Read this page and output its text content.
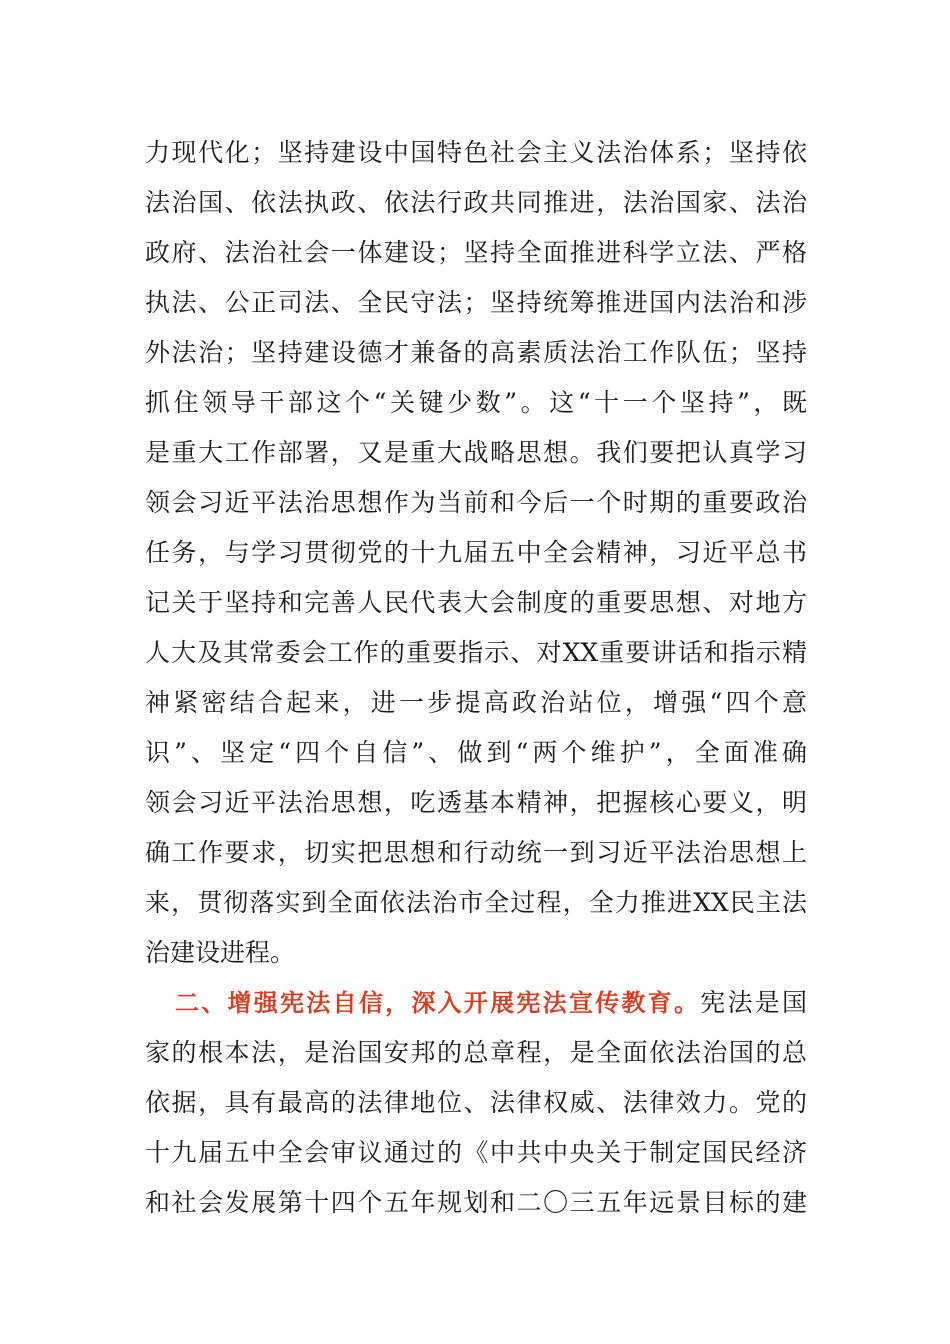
力现代化；坚持建设中国特色社会主义法治体系；坚持依
法治国、依法执政、依法行政共同推进，法治国家、法治
政府、法治社会一体建设；坚持全面推进科学立法、严格
执法、公正司法、全民守法；坚持统筹推进国内法治和涉
外法治；坚持建设德才兼备的高素质法治工作队伍；坚持
抓住领导干部这个“关键少数”。这“十一个坚持”，既
是重大工作部署，又是重大战略思想。我们要把认真学习
领会习近平法治思想作为当前和今后一个时期的重要政治
任务，与学习贯彻党的十九届五中全会精神，习近平总书
记关于坚持和完善人民代表大会制度的重要思想、对地方
人大及其常委会工作的重要指示、对XX重要讲话和指示精
神紧密结合起来，进一步提高政治站位，增强“四个意
识”、坚定“四个自信”、做到“两个维护”，全面准确
领会习近平法治思想，吃透基本精神，把握核心要义，明
确工作要求，切实把思想和行动统一到习近平法治思想上
来，贯彻落实到全面依法治市全过程，全力推进XX民主法
治建设进程。
二、增强宪法自信，深入开展宪法宣传教育。宪法是国
家的根本法，是治国安邦的总章程，是全面依法治国的总
依据，具有最高的法律地位、法律权威、法律效力。党的
十九届五中全会审议通过的《中共中央关于制定国民经济
和社会发展第十四个五年规划和二〇三五年远景目标的建
